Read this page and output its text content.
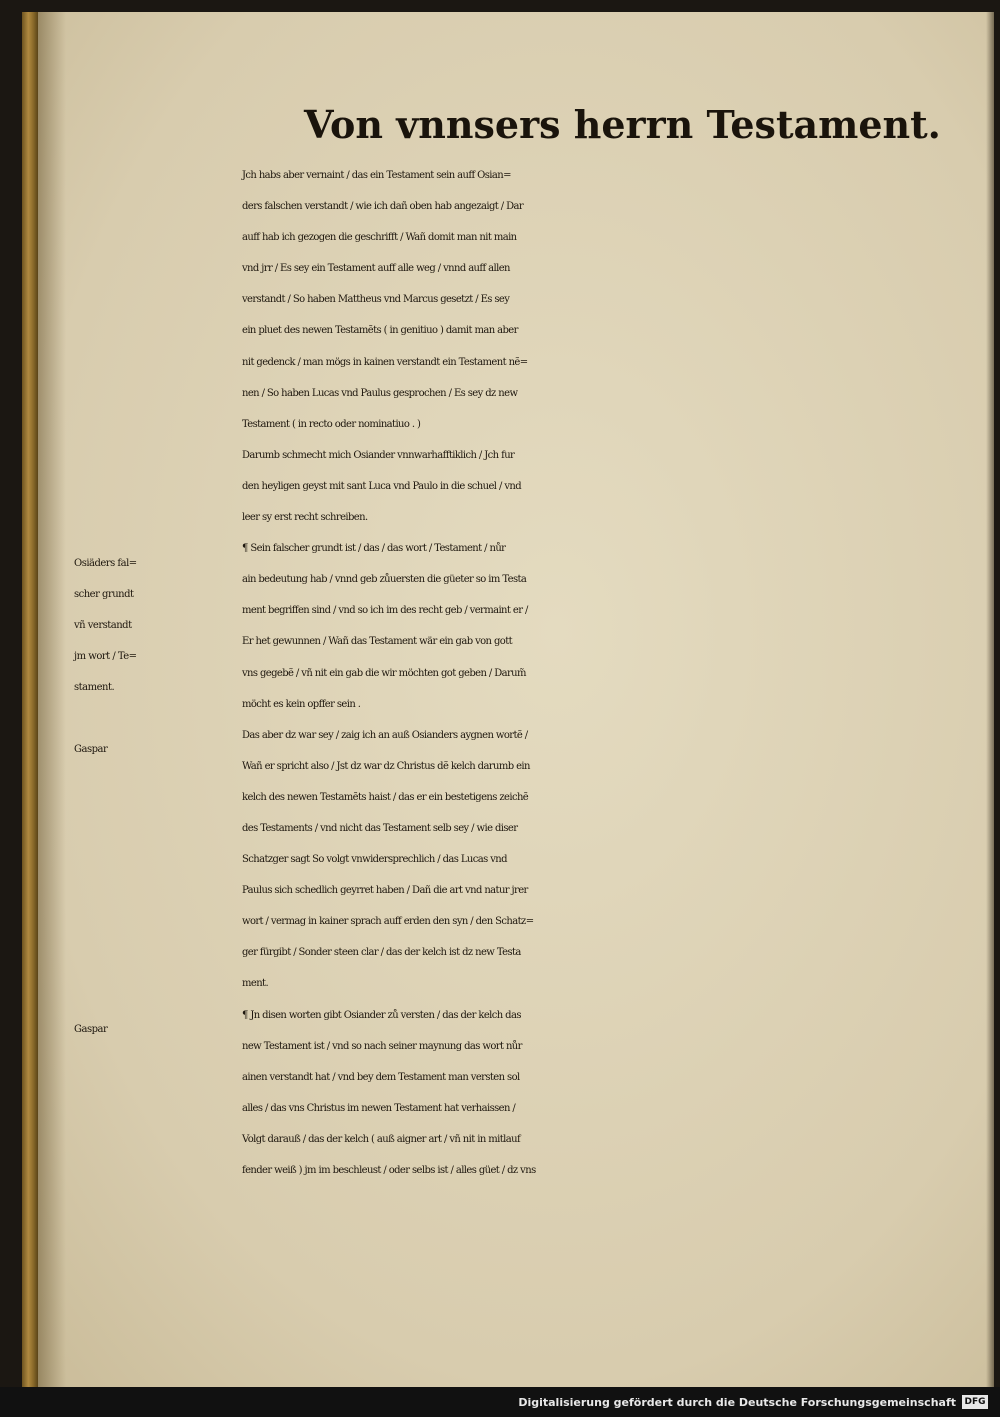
Von vnnsers herrn Testament.
Jch habs aber vernaint / das ein Testament sein auff Osian=
ders falschen verstandt / wie ich dañ oben hab angezaigt / Dar
auff hab ich gezogen die geschrifft / Wañ domit man nit main
vnd jrr / Es sey ein Testament auff alle weg / vnnd auff allen
verstandt / So haben Mattheus vnd Marcus gesetzt / Es sey
ein pluet des newen Testamẽts ( in genitiuo ) damit man aber
nit gedenck / man mögs in kainen verstandt ein Testament nẽ=
nen / So haben Lucas vnd Paulus gesprochen / Es sey dz new
Testament ( in recto oder nominatiuo . )
Darumb schmecht mich Osiander vnnwarhafftiklich / Jch fur
den heyligen geyst mit sant Luca vnd Paulo in die schuel / vnd
leer sy erst recht schreiben.
¶ Sein falscher grundt ist / das / das wort / Testament / nůr
ain bedeutung hab / vnnd geb zůuersten die güeter so im Testa
ment begriffen sind / vnd so ich im des recht geb / vermaint er /
Er het gewunnen / Wañ das Testament wär ein gab von gott
vns gegebẽ / vñ nit ein gab die wir möchten got geben / Darum̃
möcht es kein opffer sein .
Das aber dz war sey / zaig ich an auß Osianders aygnen wortẽ /
Wañ er spricht also / Jst dz war dz Christus dẽ kelch darumb ein
kelch des newen Testamẽts haist / das er ein bestetigens zeichẽ
des Testaments / vnd nicht das Testament selb sey / wie diser
Schatzger sagt So volgt vnwidersprechlich / das Lucas vnd
Paulus sich schedlich geyrret haben / Dañ die art vnd natur jrer
wort / vermag in kainer sprach auff erden den syn / den Schatz=
ger fürgibt / Sonder steen clar / das der kelch ist dz new Testa
ment.
¶ Jn disen worten gibt Osiander zů versten / das der kelch das
new Testament ist / vnd so nach seiner maynung das wort nůr
ainen verstandt hat / vnd bey dem Testament man versten sol
alles / das vns Christus im newen Testament hat verhaissen /
Volgt darauß / das der kelch ( auß aigner art / vñ nit in mitlauf
fender weiß ) jm im beschleust / oder selbs ist / alles güet / dz vns
Osiäders fal=
scher grundt
vñ verstandt
jm wort / Te=
stament.
Gaspar
Gaspar
Digitalisierung gefördert durch die Deutsche Forschungsgemeinschaft DFG
